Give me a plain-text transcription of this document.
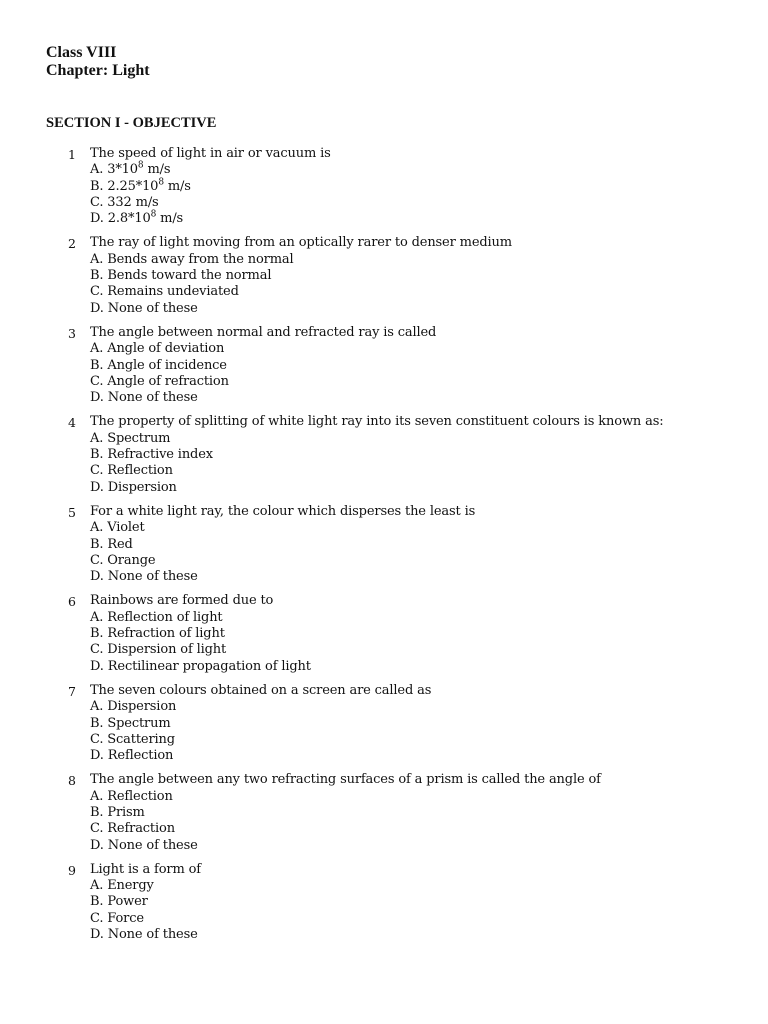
Class VIII

Chapter: Light

SECTION I - OBJECTIVE

1 The speed of light in air or vacuum is
A. $3*10^8$ m/s
B. $2.25*10^8$ m/s
C. 332 m/s
D. $2.8*10^8$ m/s
2 The ray of light moving from an optically rarer to denser medium
A. Bends away from the normal
B. Bends toward the normal
C. Remains undeviated
D. None of these
3 The angle between normal and refracted ray is called
A. Angle of deviation
B. Angle of incidence
C. Angle of refraction
D. None of these
4 The property of splitting of white light ray into its seven constituent colours is known as:
A. Spectrum
B. Refractive index
C. Reflection
D. Dispersion
5 For a white light ray, the colour which disperses the least is
A. Violet
B. Red
C. Orange
D. None of these
6 Rainbows are formed due to
A. Reflection of light
B. Refraction of light
C. Dispersion of light
D. Rectilinear propagation of light
7 The seven colours obtained on a screen are called as
A. Dispersion
B. Spectrum
C. Scattering
D. Reflection
8 The angle between any two refracting surfaces of a prism is called the angle of
A. Reflection
B. Prism
C. Refraction
D. None of these
9 Light is a form of
A. Energy
B. Power
C. Force
D. None of these
